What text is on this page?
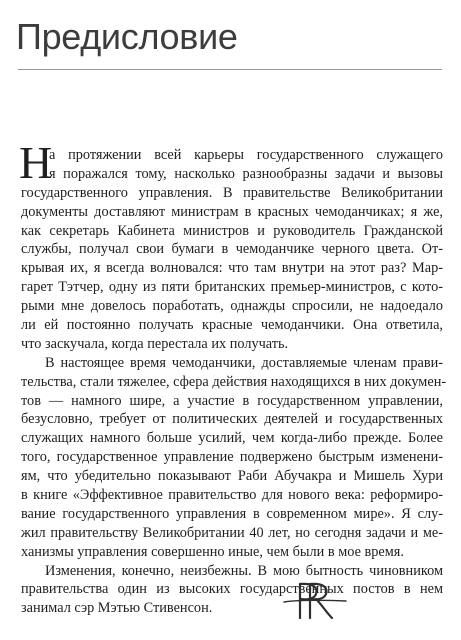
Предисловие
Н
а протяжении всей карьеры государственного служащего
я поражался тому, насколько разнообразны задачи и вызовы
государственного управления. В правительстве Великобритании
документы доставляют министрам в красных чемоданчиках; я же,
как секретарь Кабинета министров и руководитель Гражданской
службы, получал свои бумаги в чемоданчике черного цвета. От-
крывая их, я всегда волновался: что там внутри на этот раз? Мар-
гарет Тэтчер, одну из пяти британских премьер-министров, с кото-
рыми мне довелось поработать, однажды спросили, не надоедало
ли ей постоянно получать красные чемоданчики. Она ответила,
что заскучала, когда перестала их получать.
В настоящее время чемоданчики, доставляемые членам прави-
тельства, стали тяжелее, сфера действия находящихся в них докумен-
тов — намного шире, а участие в государственном управлении,
безусловно, требует от политических деятелей и государственных
служащих намного больше усилий, чем когда-либо прежде. Более
того, государственное управление подвержено быстрым изменени-
ям, что убедительно показывают Раби Абучакра и Мишель Хури
в книге «Эффективное правительство для нового века: реформиро-
вание государственного управления в современном мире». Я слу-
жил правительству Великобритании 40 лет, но сегодня задачи и ме-
ханизмы управления совершенно иные, чем были в мое время.
Изменения, конечно, неизбежны. В мою бытность чиновником
правительства один из высоких государственных постов в нем
занимал сэр Мэтью Стивенсон.
